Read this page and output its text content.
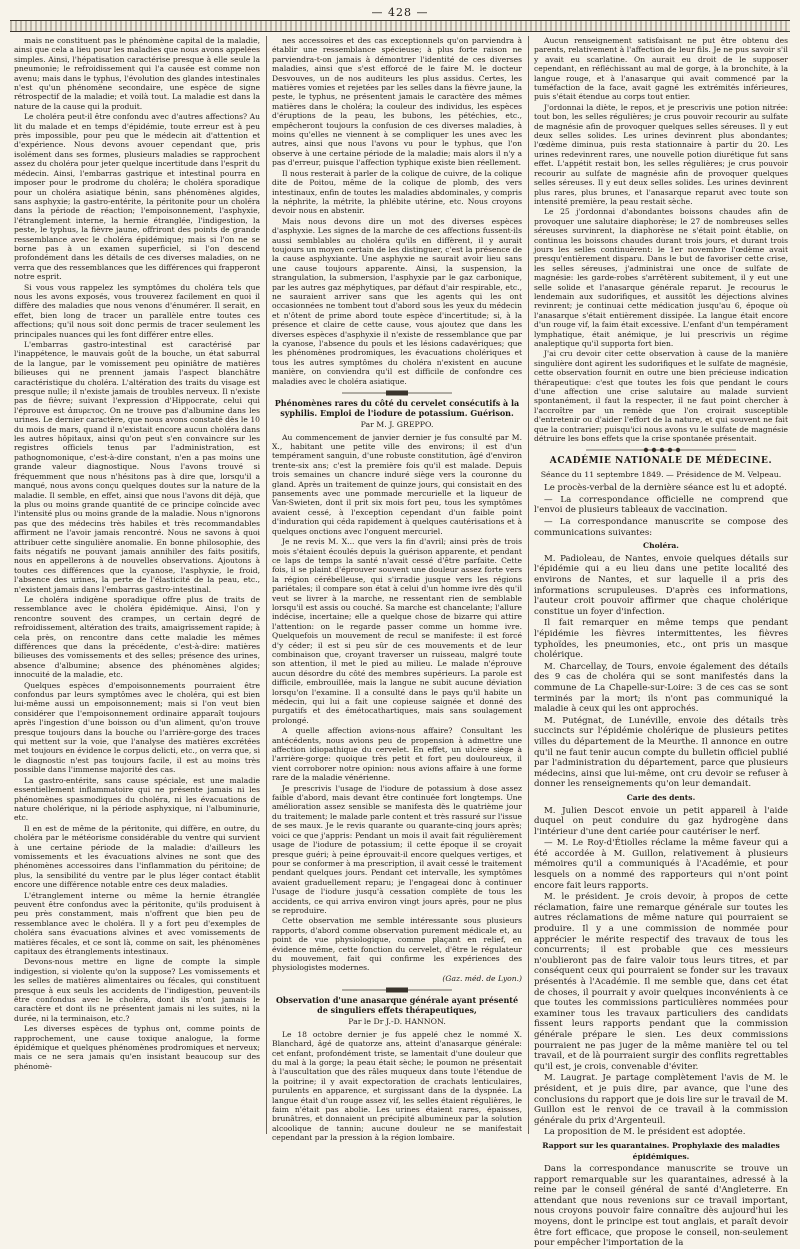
— 428 —

mais ne constituent pas le phénomène capital de la maladie, ainsi que cela a lieu pour les maladies que nous avons appelées simples. Ainsi, l'hépatisation caractérise presque à elle seule la pneumonie; le refroidissement qui l'a causée est comme non avenu; mais dans le typhus, l'évolution des glandes intestinales n'est qu'un phénomène secondaire, une espèce de signe rétrospectif de la maladie; et voilà tout. La maladie est dans la nature de la cause qui la produit.

Le choléra peut-il être confondu avec d'autres affections? Au lit du malade et en temps d'épidémie, toute erreur est à peu près impossible, pour peu que le médecin ait d'attention et d'expérience. Nous devons avouer cependant que, pris isolément dans ses formes, plusieurs maladies se rapprochent assez du choléra pour jeter quelque incertitude dans l'esprit du médecin. Ainsi, l'embarras gastrique et intestinal pourra en imposer pour le prodrome du choléra; le choléra sporadique pour un choléra asiatique bénin, sans phénomènes algides, sans asphyxie; la gastro-entérite, la péritonite pour un choléra dans la période de réaction; l'empoisonnement, l'asphyxie, l'étranglement interne, la hernie étranglée, l'indigestion, la peste, le typhus, la fièvre jaune, offriront des points de grande ressemblance avec le choléra épidémique; mais si l'on ne se borne pas à un examen superficiel, si l'on descend profondément dans les détails de ces diverses maladies, on ne verra que des ressemblances que les différences qui frapperont notre esprit.

Si vous vous rappelez les symptômes du choléra tels que nous les avons exposés, vous trouverez facilement en quoi il diffère des maladies que nous venons d'énumérer. Il serait, en effet, bien long de tracer un parallèle entre toutes ces affections; qu'il nous soit donc permis de tracer seulement les principales nuances qui les font différer entre elles.

L'embarras gastro-intestinal est caractérisé par l'inappétence, le mauvais goût de la bouche, un état saburral de la langue, par le vomissement peu opiniâtre de matières bilieuses qui ne prennent jamais l'aspect blanchâtre caractéristique du choléra. L'altération des traits du visage est presque nulle; il n'existe jamais de troubles nerveux. Il n'existe pas de fièvre; suivant l'expression d'Hippocrate, celui qui l'éprouve est ἀπυρετος. On ne trouve pas d'albumine dans les urines. Le dernier caractère, que nous avons constaté dès le 10 du mois de mars, quand il n'existait encore aucun choléra dans les autres hôpitaux, ainsi qu'on peut s'en convaincre sur les registres officiels tenus par l'administration, est pathognomonique, c'est-à-dire constant, n'en a pas moins une grande valeur diagnostique. Nous l'avons trouvé si fréquemment que nous n'hésitons pas à dire que, lorsqu'il a manqué, nous avons conçu quelques doutes sur la nature de la maladie. Il semble, en effet, ainsi que nous l'avons dit déjà, que la plus ou moins grande quantité de ce principe coïncide avec l'intensité plus ou moins grande de la maladie. Nous n'ignorons pas que des médecins très habiles et très recommandables affirment ne l'avoir jamais rencontré. Nous ne savons à quoi attribuer cette singulière anomalie. En bonne philosophie, des faits négatifs ne pouvant jamais annihiler des faits positifs, nous en appellerons à de nouvelles observations. Ajoutons à toutes ces différences que la cyanose, l'asphyxie, le froid, l'absence des urines, la perte de l'élasticité de la peau, etc., n'existent jamais dans l'embarras gastro-intestinal.

Le choléra indigène sporadique offre plus de traits de ressemblance avec le choléra épidémique. Ainsi, l'on y rencontre souvent des crampes, un certain degré de refroidissement, altération des traits, amaigrissement rapide; à cela près, on rencontre dans cette maladie les mêmes différences que dans la précédente, c'est-à-dire: matières bilieuses des vomissements et des selles; présence des urines, absence d'albumine; absence des phénomènes algides; innocuité de la maladie, etc.

Quelques espèces d'empoisonnements pourraient être confondus par leurs symptômes avec le choléra, qui est bien lui-même aussi un empoisonnement; mais si l'on veut bien considérer que l'empoisonnement ordinaire apparaît toujours après l'ingestion d'une boisson ou d'un aliment, qu'on trouve presque toujours dans la bouche ou l'arrière-gorge des traces qui mettent sur la voie, que l'analyse des matières excrétées met toujours en évidence le corpus delicti, etc., on verra que, si le diagnostic n'est pas toujours facile, il est au moins très possible dans l'immense majorité des cas.

La gastro-entérite, sans cause spéciale, est une maladie essentiellement inflammatoire qui ne présente jamais ni les phénomènes spasmodiques du choléra, ni les évacuations de nature cholérique, ni la période asphyxique, ni l'albuminurie, etc.

Il en est de même de la péritonite, qui diffère, en outre, du choléra par le météorisme considérable du ventre qui survient à une certaine période de la maladie: d'ailleurs les vomissements et les évacuations alvines ne sont que des phénomènes accessoires dans l'inflammation du péritoine; de plus, la sensibilité du ventre par le plus léger contact établit encore une différence notable entre ces deux maladies.

L'étranglement interne ou même la hernie étranglée peuvent être confondus avec la péritonite, qu'ils produisent à peu près constamment, mais n'offrent que bien peu de ressemblance avec le choléra. Il y a fort peu d'exemples de choléra sans évacuations alvines et avec vomissements de matières fécales, et ce sont là, comme on sait, les phénomènes capitaux des étranglements intestinaux.

Devons-nous mettre en ligne de compte la simple indigestion, si violente qu'on la suppose? Les vomissements et les selles de matières alimentaires ou fécales, qui constituent presque à eux seuls les accidents de l'indigestion, peuvent-ils être confondus avec le choléra, dont ils n'ont jamais le caractère et dont ils ne présentent jamais ni les suites, ni la durée, ni la terminaison, etc.?

Les diverses espèces de typhus ont, comme points de rapprochement, une cause toxique analogue, la forme épidémique et quelques phénomènes prodromiques et nerveux; mais ce ne sera jamais qu'en insistant beaucoup sur des phénomè-

nes accessoires et des cas exceptionnels qu'on parviendra à établir une ressemblance spécieuse; à plus forte raison ne parviendra-t-on jamais à démontrer l'identité de ces diverses maladies, ainsi que s'est efforcé de le faire M. le docteur Desvouves, un de nos auditeurs les plus assidus. Certes, les matières vomies et rejetées par les selles dans la fièvre jaune, la peste, le typhus, ne présentent jamais le caractère des mêmes matières dans le choléra; la couleur des individus, les espèces d'éruptions de la peau, les bubons, les pétéchies, etc., empêcheront toujours la confusion de ces diverses maladies, à moins qu'elles ne viennent à se compliquer les unes avec les autres, ainsi que nous l'avons vu pour le typhus, que l'on observe à une certaine période de la maladie; mais alors il n'y a pas d'erreur, puisque l'affection typhique existe bien réellement.

Il nous resterait à parler de la colique de cuivre, de la colique dite de Poitou, même de la colique de plomb, des vers intestinaux, enfin de toutes les maladies abdominales, y compris la néphrite, la métrite, la phlébite utérine, etc. Nous croyons devoir nous en abstenir.

Mais nous devons dire un mot des diverses espèces d'asphyxie. Les signes de la marche de ces affections fussent-ils aussi semblables au choléra qu'ils en diffèrent, il y aurait toujours un moyen certain de les distinguer, c'est la présence de la cause asphyxiante. Une asphyxie ne saurait avoir lieu sans une cause toujours apparente. Ainsi, la suspension, la strangulation, la submersion, l'asphyxie par le gaz carbonique, par les autres gaz méphytiques, par défaut d'air respirable, etc., ne sauraient arriver sans que les agents qui les ont occasionnées ne tombent tout d'abord sous les yeux du médecin et n'ôtent de prime abord toute espèce d'incertitude; si, à la présence et claire de cette cause, vous ajoutez que dans les diverses espèces d'asphyxie il n'existe de ressemblance que par la cyanose, l'absence du pouls et les lésions cadavériques; que les phénomènes prodromiques, les évacuations cholériques et tous les autres symptômes du choléra n'existent en aucune manière, on conviendra qu'il est difficile de confondre ces maladies avec le choléra asiatique.

Phénomènes rares du côté du cervelet consécutifs à la syphilis. Emploi de l'iodure de potassium. Guérison.
Par M. J. GREPPO.

Au commencement de janvier dernier je fus consulté par M. X., habitant une petite ville des environs; il est d'un tempérament sanguin, d'une robuste constitution, âgé d'environ trente-six ans; c'est la première fois qu'il est malade. Depuis trois semaines un chancre induré siège vers la couronne du gland. Après un traitement de quinze jours, qui consistait en des pansements avec une pommade mercurielle et la liqueur de Van-Swieten, dont il prit six mois fort peu, tous les symptômes avaient cessé, à l'exception cependant d'un faible point d'induration qui céda rapidement à quelques cautérisations et à quelques onctions avec l'onguent mercuriel.

Je ne revis M. X... que vers la fin d'avril; ainsi près de trois mois s'étaient écoulés depuis la guérison apparente, et pendant ce laps de temps la santé n'avait cessé d'être parfaite. Cette fois, il se plaint d'éprouver souvent une douleur assez forte vers la région cérébelleuse, qui s'irradie jusque vers les régions pariétales; il compare son état à celui d'un homme ivre dès qu'il veut se livrer à la marche, ne ressentant rien de semblable lorsqu'il est assis ou couché. Sa marche est chancelante; l'allure indécise, incertaine; elle a quelque chose de bizarre qui attire l'attention: on le regarde passer comme un homme ivre. Quelquefois un mouvement de recul se manifeste: il est forcé d'y céder; il est si peu sûr de ces mouvements et de leur combinaison que, croyant traverser un ruisseau, malgré toute son attention, il met le pied au milieu. Le malade n'éprouve aucun désordre du côté des membres supérieurs. La parole est difficile, embrouillée, mais la langue ne subit aucune déviation lorsqu'on l'examine. Il a consulté dans le pays qu'il habite un médecin, qui lui a fait une copieuse saignée et donné des purgatifs et des émétocathartiques, mais sans soulagement prolongé.

A quelle affection avions-nous affaire? Consultant les antécédents, nous avions peu de propension à admettre une affection idiopathique du cervelet. En effet, un ulcère siège à l'arrière-gorge: quoique très petit et fort peu douloureux, il vient corroborer notre opinion: nous avions affaire à une forme rare de la maladie vénérienne.

Je prescrivis l'usage de l'iodure de potassium à dose assez faible d'abord, mais devant être continuée fort longtemps. Une amélioration assez sensible se manifesta dès le quatrième jour du traitement; le malade parle content et très rassuré sur l'issue de ses maux. Je le revis quarante ou quarante-cinq jours après; voici ce que j'appris: Pendant un mois il avait fait régulièrement usage de l'iodure de potassium; il cette époque il se croyait presque guéri; à peine éprouvait-il encore quelques vertiges, et pour se conformer à ma prescription, il avait cessé le traitement pendant quelques jours. Pendant cet intervalle, les symptômes avaient graduellement reparu; je l'engageai donc à continuer l'usage de l'iodure jusqu'à cessation complète de tous les accidents, ce qui arriva environ vingt jours après, pour ne plus se reproduire.

Cette observation me semble intéressante sous plusieurs rapports, d'abord comme observation purement médicale et, au point de vue physiologique, comme plaçant en relief, en évidence même, cette fonction du cervelet, d'être le régulateur du mouvement, fait qui confirme les expériences des physiologistes modernes.

(Gaz. méd. de Lyon.)
Observation d'une anasarque générale ayant présenté de singuliers effets thérapeutiques,
Par le Dr J.-D. HANNON.

Le 18 octobre dernier je fus appelé chez le nommé X. Blanchard, âgé de quatorze ans, atteint d'anasarque générale: cet enfant, profondément triste, se lamentait d'une douleur que du mal à la gorge; la peau était sèche; le poumon ne présentait à l'auscultation que des râles muqueux dans toute l'étendue de la poitrine; il y avait expectoration de crachats lenticulaires, purulents en apparence, et surgissant dans de la dyspnée. La langue était d'un rouge assez vif, les selles étaient régulières, le faim n'était pas abolie. Les urines étaient rares, épaisses, brunâtres, et donnaient un précipité albumineux par la solution alcoolique de tannin; aucune douleur ne se manifestait cependant par la pression à la région lombaire.

Aucun renseignement satisfaisant ne put être obtenu des parents, relativement à l'affection de leur fils. Je ne pus savoir s'il y avait eu scarlatine. On aurait eu droit de le supposer cependant, en réfléchissant au mal de gorge, à la bronchite, à la langue rouge, et à l'anasarque qui avait commencé par la tuméfaction de la face, avait gagné les extrémités inférieures, puis s'était étendue au corps tout entier.

J'ordonnai la diète, le repos, et je prescrivis une potion nitrée: tout bon, les selles régulières; je crus pouvoir recourir au sulfate de magnésie afin de provoquer quelques selles séreuses. Il y eut deux selles solides. Les urines devinrent plus abondantes; l'œdème diminua, puis resta stationnaire à partir du 20. Les urines redevinrent rares, une nouvelle potion diurétique fut sans effet. L'appétit restait bon, les selles régulières; je crus pouvoir recourir au sulfate de magnésie afin de provoquer quelques selles séreuses. Il y eut deux selles solides. Les urines devinrent plus rares, plus brunes, et l'anasarque reparut avec toute son intensité première, la peau restait sèche.

Le 25 j'ordonnai d'abondantes boissons chaudes afin de provoquer une salutaire diaphorèse; le 27 de nombreuses selles séreuses survinrent, la diaphorèse ne s'était point établie, on continua les boissons chaudes durant trois jours, et durant trois jours les selles continuèrent: le 1er novembre l'œdème avait presqu'entièrement disparu. Dans le but de favoriser cette crise, les selles séreuses, j'administrai une once de sulfate de magnésie: les garde-robes s'arrêtèrent subitement, il y eut une selle solide et l'anasarque générale reparut. Je recourus le lendemain aux sudorifiques, et aussitôt les déjections alvines revinrent; je continuai cette médication jusqu'au 6, époque où l'anasarque s'était entièrement dissipée. La langue était encore d'un rouge vif, la faim était excessive. L'enfant d'un tempérament lymphatique, était anémique, je lui prescrivis un régime analeptique qu'il supporta fort bien.

J'ai cru devoir citer cette observation à cause de la manière singulière dont agirent les sudorifiques et le sulfate de magnésie, cette observation fournit en outre une bien précieuse indication thérapeutique: c'est que toutes les fois que pendant le cours d'une affection une crise salutaire au malade survient spontanément, il faut la respecter, il ne faut point chercher à l'accroître par un remède que l'on croirait susceptible d'entretenir ou d'aider l'effort de la nature, et qui souvent ne fait que la contrarier; puisqu'ici nous avons vu le sulfate de magnésie détruire les bons effets que la crise spontanée présentait.

ACADÉMIE NATIONALE DE MÉDECINE.
Séance du 11 septembre 1849. — Présidence de M. Velpeau.

Le procès-verbal de la dernière séance est lu et adopté.

— La correspondance officielle ne comprend que l'envoi de plusieurs tableaux de vaccination.

— La correspondance manuscrite se compose des communications suivantes:

Choléra.

M. Padioleau, de Nantes, envoie quelques détails sur l'épidémie qui a eu lieu dans une petite localité des environs de Nantes, et sur laquelle il a pris des informations scrupuleuses. D'après ces informations, l'auteur croit pouvoir affirmer que chaque cholérique constitue un foyer d'infection.

Il fait remarquer en même temps que pendant l'épidémie les fièvres intermittentes, les fièvres typhoïdes, les pneumonies, etc., ont pris un masque cholérique.

M. Charcellay, de Tours, envoie également des détails des 9 cas de choléra qui se sont manifestés dans la commune de La Chapelle-sur-Loire: 3 de ces cas se sont terminés par la mort; ils n'ont pas communiqué la maladie à ceux qui les ont approchés.

M. Putégnat, de Lunéville, envoie des détails très succincts sur l'épidémie cholérique de plusieurs petites villes du département de la Meurthe. Il annonce en outre qu'il ne faut tenir aucun compte du bulletin officiel publié par l'administration du département, parce que plusieurs médecins, ainsi que lui-même, ont cru devoir se refuser à donner les renseignements qu'on leur demandait.

Carie des dents.

M. Julien Descot envoie un petit appareil à l'aide duquel on peut conduire du gaz hydrogène dans l'intérieur d'une dent cariée pour cautériser le nerf.

— M. Le Roy-d'Étiolles réclame la même faveur qui a été accordée à M. Guillon, relativement à plusieurs mémoires qu'il a communiqués à l'Académie, et pour lesquels on a nommé des rapporteurs qui n'ont point encore fait leurs rapports.

M. le président. Je crois devoir, à propos de cette réclamation, faire une remarque générale sur toutes les autres réclamations de même nature qui pourraient se produire. Il y a une commission de nommée pour apprécier le mérite respectif des travaux de tous les concurrents; il est probable que ces messieurs n'oublieront pas de faire valoir tous leurs titres, et par conséquent ceux qui pourraient se fonder sur les travaux présentés à l'Académie. Il me semble que, dans cet état de choses, il pourrait y avoir quelques inconvénients à ce que toutes les commissions particulières nommées pour examiner tous les travaux particuliers des candidats fissent leurs rapports pendant que la commission générale prépare le sien. Les deux commissions pourraient ne pas juger de la même manière tel ou tel travail, et de là pourraient surgir des conflits regrettables qu'il est, je crois, convenable d'éviter.

M. Laugrat. Je partage complètement l'avis de M. le président, et je puis dire, par avance, que l'une des conclusions du rapport que je dois lire sur le travail de M. Guillon est le renvoi de ce travail à la commission générale du prix d'Argenteuil.

La proposition de M. le président est adoptée.

Rapport sur les quarantaines. Prophylaxie des maladies épidémiques.

Dans la correspondance manuscrite se trouve un rapport remarquable sur les quarantaines, adressé à la reine par le conseil général de santé d'Angleterre. En attendant que nous revenions sur ce travail important, nous croyons pouvoir faire connaître dès aujourd'hui les moyens, dont le principe est tout anglais, et paraît devoir être fort efficace, que propose le conseil, non-seulement pour empêcher l'importation de la
